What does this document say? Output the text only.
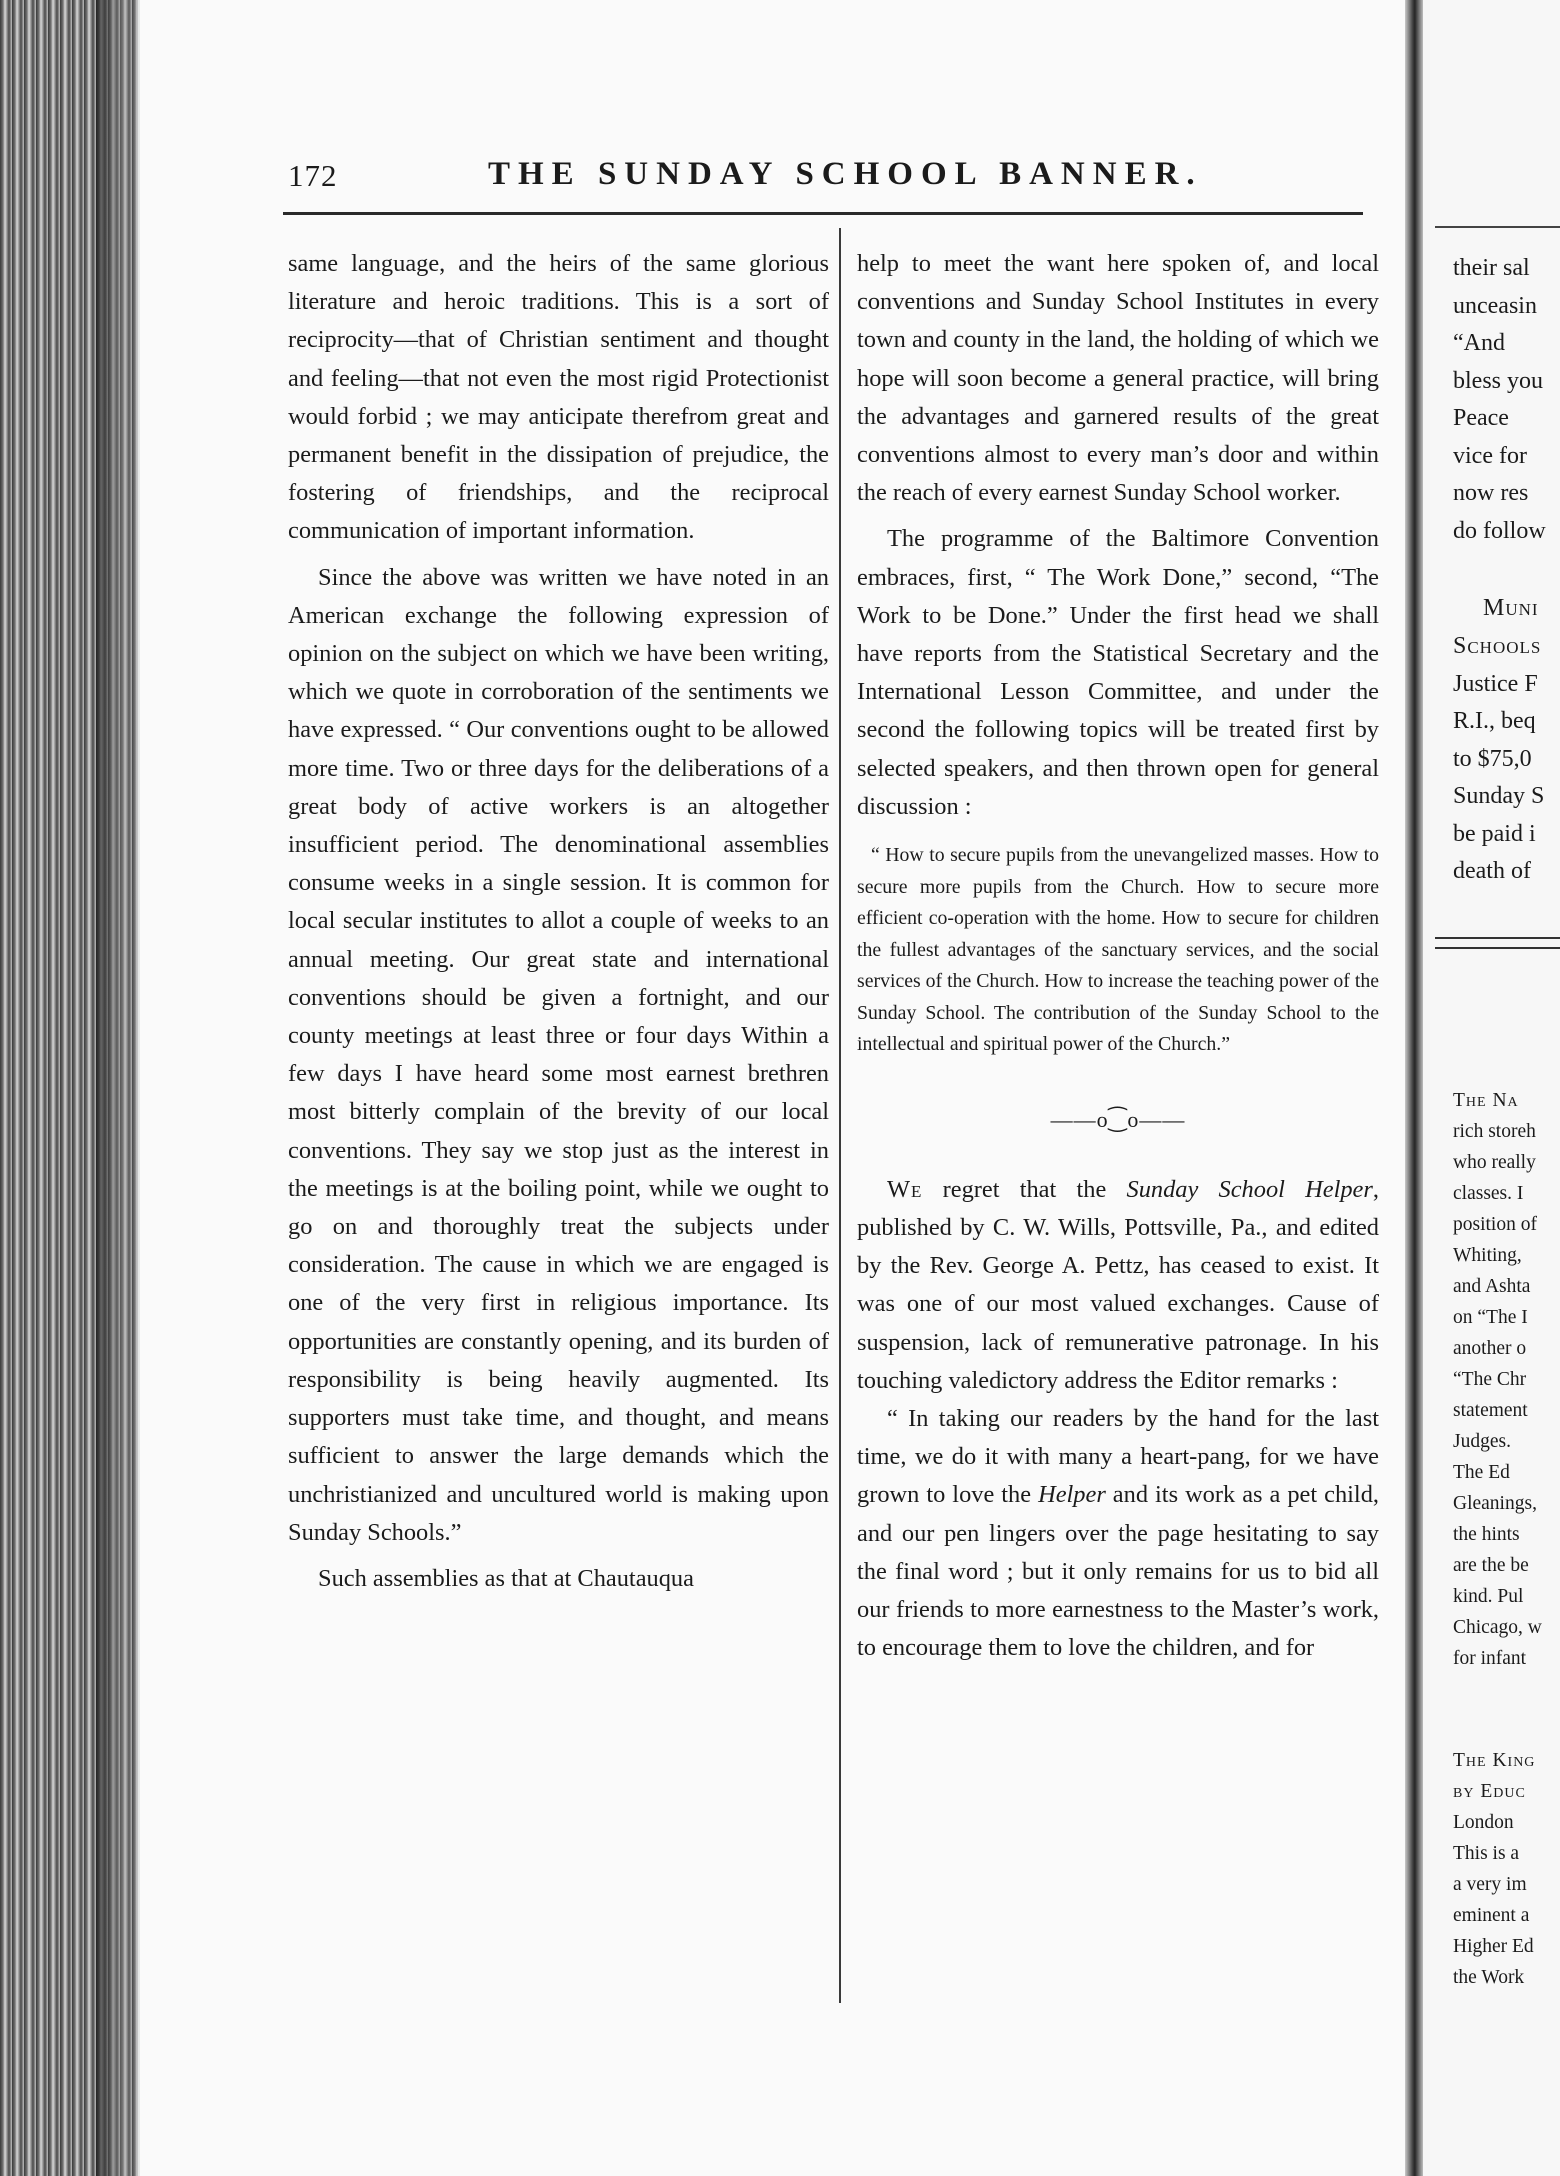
172	THE SUNDAY SCHOOL BANNER.

same language, and the heirs of the same glorious literature and heroic traditions. This is a sort of reciprocity—that of Christian sentiment and thought and feeling—that not even the most rigid Protectionist would forbid ; we may anticipate therefrom great and permanent benefit in the dissipation of prejudice, the fostering of friendships, and the reciprocal communication of important information.

Since the above was written we have noted in an American exchange the following expression of opinion on the subject on which we have been writing, which we quote in corroboration of the sentiments we have expressed. “ Our conventions ought to be allowed more time. Two or three days for the deliberations of a great body of active workers is an altogether insufficient period. The denominational assemblies consume weeks in a single session. It is common for local secular institutes to allot a couple of weeks to an annual meeting. Our great state and international conventions should be given a fortnight, and our county meetings at least three or four days Within a few days I have heard some most earnest brethren most bitterly complain of the brevity of our local conventions. They say we stop just as the interest in the meetings is at the boiling point, while we ought to go on and thoroughly treat the subjects under consideration. The cause in which we are engaged is one of the very first in religious importance. Its opportunities are constantly opening, and its burden of responsibility is being heavily augmented. Its supporters must take time, and thought, and means sufficient to answer the large demands which the unchristianized and uncultured world is making upon Sunday Schools.”

Such assemblies as that at Chautauqua

help to meet the want here spoken of, and local conventions and Sunday School Institutes in every town and county in the land, the holding of which we hope will soon become a general practice, will bring the advantages and garnered results of the great conventions almost to every man’s door and within the reach of every earnest Sunday School worker.

The programme of the Baltimore Convention embraces, first, “ The Work Done,” second, “The Work to be Done.” Under the first head we shall have reports from the Statistical Secretary and the International Lesson Committee, and under the second the following topics will be treated first by selected speakers, and then thrown open for general discussion :

“ How to secure pupils from the unevangelized masses. How to secure more pupils from the Church. How to secure more efficient co-operation with the home. How to secure for children the fullest advantages of the sanctuary services, and the social services of the Church. How to increase the teaching power of the Sunday School. The contribution of the Sunday School to the intellectual and spiritual power of the Church.”

——o⁐o——

We regret that the Sunday School Helper, published by C. W. Wills, Pottsville, Pa., and edited by the Rev. George A. Pettz, has ceased to exist. It was one of our most valued exchanges. Cause of suspension, lack of remunerative patronage. In his touching valedictory address the Editor remarks :

“ In taking our readers by the hand for the last time, we do it with many a heart-pang, for we have grown to love the Helper and its work as a pet child, and our pen lingers over the page hesitating to say the final word ; but it only remains for us to bid all our friends to more earnestness to the Master’s work, to encourage them to love the children, and for

their sal
unceasin
“And
bless you
Peace
vice for
now res
do follow
Muni
Schools
Justice F
R.I., beq
to $75,0
Sunday S
be paid i
death of
The Na
rich storeh
who really
classes. I
position of
Whiting,
and Ashta
on “The I
another o
“The Chr
statement
Judges.
The Ed
Gleanings,
the hints
are the be
kind. Pul
Chicago, w
for infant
The King
by Educ
London
This is a
a very im
eminent a
Higher Ed
the Work
